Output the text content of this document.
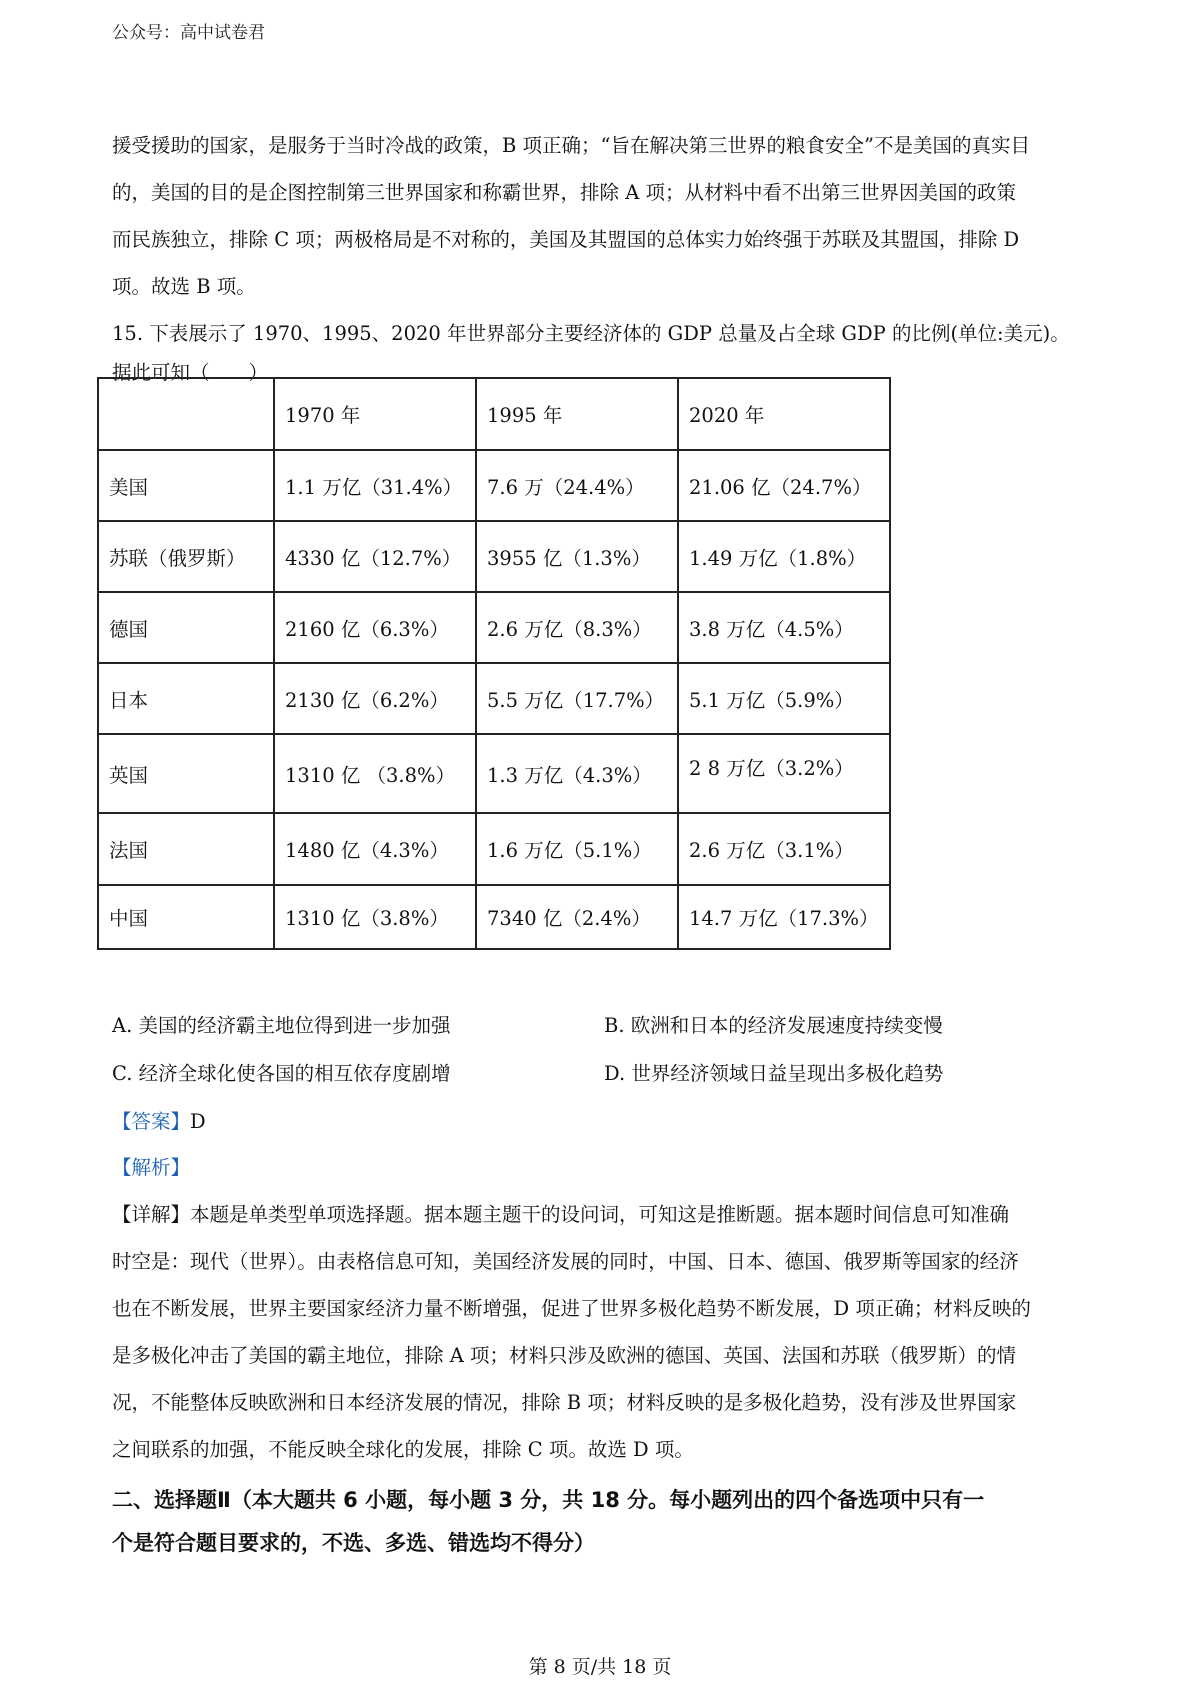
公众号：高中试卷君
援受援助的国家，是服务于当时冷战的政策，B 项正确；“旨在解决第三世界的粮食安全”不是美国的真实目
的，美国的目的是企图控制第三世界国家和称霸世界，排除 A 项；从材料中看不出第三世界因美国的政策
而民族独立，排除 C 项；两极格局是不对称的，美国及其盟国的总体实力始终强于苏联及其盟国，排除 D
项。故选 B 项。
15. 下表展示了 1970、1995、2020 年世界部分主要经济体的 GDP 总量及占全球 GDP 的比例(单位:美元)。
据此可知（　　）
	1970 年	1995 年	2020 年
美国	1.1 万亿（31.4%）	7.6 万（24.4%）	21.06 亿（24.7%）
苏联（俄罗斯）	4330 亿（12.7%）	3955 亿（1.3%）	1.49 万亿（1.8%）
德国	2160 亿（6.3%）	2.6 万亿（8.3%）	3.8 万亿（4.5%）
日本	2130 亿（6.2%）	5.5 万亿（17.7%）	5.1 万亿（5.9%）
英国	1310 亿 （3.8%）	1.3 万亿（4.3%）	2 8 万亿（3.2%）
法国	1480 亿（4.3%）	1.6 万亿（5.1%）	2.6 万亿（3.1%）
中国	1310 亿（3.8%）	7340 亿（2.4%）	14.7 万亿（17.3%）
A. 美国的经济霸主地位得到进一步加强	B. 欧洲和日本的经济发展速度持续变慢
C. 经济全球化使各国的相互依存度剧增	D. 世界经济领域日益呈现出多极化趋势
【答案】D
【解析】
【详解】本题是单类型单项选择题。据本题主题干的设问词，可知这是推断题。据本题时间信息可知准确
时空是：现代（世界）。由表格信息可知，美国经济发展的同时，中国、日本、德国、俄罗斯等国家的经济
也在不断发展，世界主要国家经济力量不断增强，促进了世界多极化趋势不断发展，D 项正确；材料反映的
是多极化冲击了美国的霸主地位，排除 A 项；材料只涉及欧洲的德国、英国、法国和苏联（俄罗斯）的情
况，不能整体反映欧洲和日本经济发展的情况，排除 B 项；材料反映的是多极化趋势，没有涉及世界国家
之间联系的加强，不能反映全球化的发展，排除 C 项。故选 D 项。
二、选择题Ⅱ（本大题共 6 小题，每小题 3 分，共 18 分。每小题列出的四个备选项中只有一
个是符合题目要求的，不选、多选、错选均不得分）
第 8 页/共 18 页
